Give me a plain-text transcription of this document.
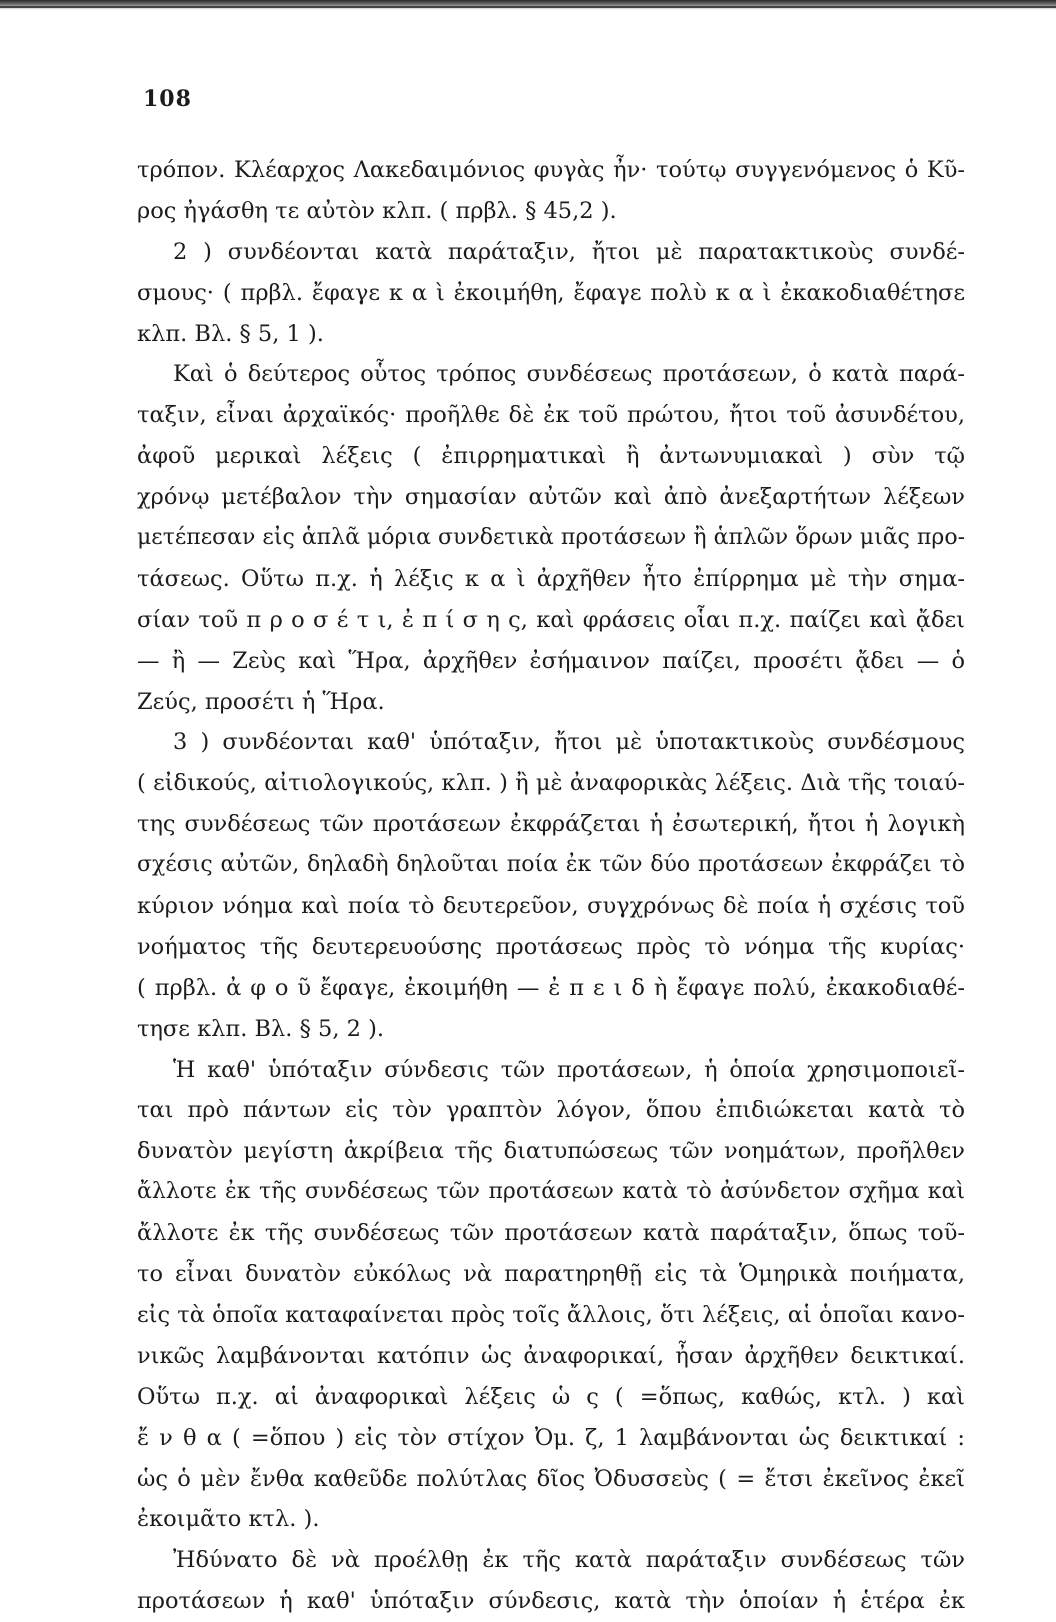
108
τρόπον. Κλέαρχος Λακεδαιμόνιος φυγὰς ἦν· τούτῳ συγγενόμενος ὁ Κῦ-
ρος ἠγάσθη τε αὐτὸν κλπ. ( πρβλ. § 45,2 ).
2 ) συνδέονται κατὰ παράταξιν, ἤτοι μὲ παρατακτικοὺς συνδέ-
σμους· ( πρβλ. ἔφαγε κ α ὶ ἐκοιμήθη, ἔφαγε πολὺ κ α ὶ ἐκακοδιαθέτησε
κλπ. Βλ. § 5, 1 ).
Καὶ ὁ δεύτερος οὗτος τρόπος συνδέσεως προτάσεων, ὁ κατὰ παρά-
ταξιν, εἶναι ἀρχαϊκός· προῆλθε δὲ ἐκ τοῦ πρώτου, ἤτοι τοῦ ἀσυνδέτου,
ἀφοῦ μερικαὶ λέξεις ( ἐπιρρηματικαὶ ἢ ἀντωνυμιακαὶ ) σὺν τῷ
χρόνῳ μετέβαλον τὴν σημασίαν αὐτῶν καὶ ἀπὸ ἀνεξαρτήτων λέξεων
μετέπεσαν εἰς ἁπλᾶ μόρια συνδετικὰ προτάσεων ἢ ἁπλῶν ὅρων μιᾶς προ-
τάσεως. Οὕτω π.χ. ἡ λέξις κ α ὶ ἀρχῆθεν ἦτο ἐπίρρημα μὲ τὴν σημα-
σίαν τοῦ π ρ ο σ έ τ ι, ἐ π ί σ η ς, καὶ φράσεις οἷαι π.χ. παίζει καὶ ᾄδει
— ἢ — Ζεὺς καὶ Ἥρα, ἀρχῆθεν ἐσήμαινον παίζει, προσέτι ᾄδει — ὁ
Ζεύς, προσέτι ἡ Ἥρα.
3 ) συνδέονται καθ' ὑπόταξιν, ἤτοι μὲ ὑποτακτικοὺς συνδέσμους
( εἰδικούς, αἰτιολογικούς, κλπ. ) ἢ μὲ ἀναφορικὰς λέξεις. Διὰ τῆς τοιαύ-
της συνδέσεως τῶν προτάσεων ἐκφράζεται ἡ ἐσωτερική, ἤτοι ἡ λογικὴ
σχέσις αὐτῶν, δηλαδὴ δηλοῦται ποία ἐκ τῶν δύο προτάσεων ἐκφράζει τὸ
κύριον νόημα καὶ ποία τὸ δευτερεῦον, συγχρόνως δὲ ποία ἡ σχέσις τοῦ
νοήματος τῆς δευτερευούσης προτάσεως πρὸς τὸ νόημα τῆς κυρίας·
( πρβλ. ἀ φ ο ῦ ἔφαγε, ἐκοιμήθη — ἐ π ε ι δ ὴ ἔφαγε πολύ, ἐκακοδιαθέ-
τησε κλπ. Βλ. § 5, 2 ).
Ἡ καθ' ὑπόταξιν σύνδεσις τῶν προτάσεων, ἡ ὁποία χρησιμοποιεῖ-
ται πρὸ πάντων εἰς τὸν γραπτὸν λόγον, ὅπου ἐπιδιώκεται κατὰ τὸ
δυνατὸν μεγίστη ἀκρίβεια τῆς διατυπώσεως τῶν νοημάτων, προῆλθεν
ἄλλοτε ἐκ τῆς συνδέσεως τῶν προτάσεων κατὰ τὸ ἀσύνδετον σχῆμα καὶ
ἄλλοτε ἐκ τῆς συνδέσεως τῶν προτάσεων κατὰ παράταξιν, ὅπως τοῦ-
το εἶναι δυνατὸν εὐκόλως νὰ παρατηρηθῇ εἰς τὰ Ὁμηρικὰ ποιήματα,
εἰς τὰ ὁποῖα καταφαίνεται πρὸς τοῖς ἄλλοις, ὅτι λέξεις, αἱ ὁποῖαι κανο-
νικῶς λαμβάνονται κατόπιν ὡς ἀναφορικαί, ἦσαν ἀρχῆθεν δεικτικαί.
Οὕτω π.χ. αἱ ἀναφορικαὶ λέξεις ὡ ς ( =ὅπως, καθώς, κτλ. ) καὶ
ἔ ν θ α ( =ὅπου ) εἰς τὸν στίχον Ὀμ. ζ, 1 λαμβάνονται ὡς δεικτικαί :
ὡς ὁ μὲν ἔνθα καθεῦδε πολύτλας δῖος Ὀδυσσεὺς ( = ἔτσι ἐκεῖνος ἐκεῖ
ἐκοιμᾶτο κτλ. ).
Ἠδύνατο δὲ νὰ προέλθῃ ἐκ τῆς κατὰ παράταξιν συνδέσεως τῶν
προτάσεων ἡ καθ' ὑπόταξιν σύνδεσις, κατὰ τὴν ὁποίαν ἡ ἑτέρα ἐκ
